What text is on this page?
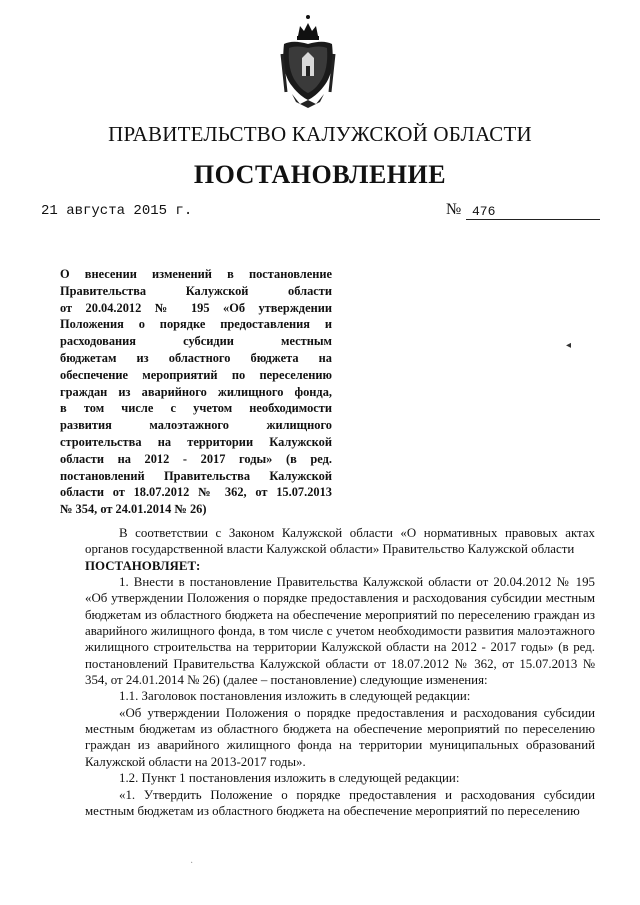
ПРАВИТЕЛЬСТВО КАЛУЖСКОЙ ОБЛАСТИ
ПОСТАНОВЛЕНИЕ
21 августа 2015 г.	№ 476
О внесении изменений в постановление
Правительства Калужской области
от 20.04.2012 № 195 «Об утверждении
Положения о порядке предоставления и
расходования субсидии местным
бюджетам из областного бюджета на
обеспечение мероприятий по переселению
граждан из аварийного жилищного фонда,
в том числе с учетом необходимости
развития малоэтажного жилищного
строительства на территории Калужской
области на 2012 - 2017 годы» (в ред.
постановлений Правительства Калужской
области от 18.07.2012 № 362, от 15.07.2013
№ 354, от 24.01.2014 № 26)

В соответствии с Законом Калужской области «О нормативных правовых актах органов государственной власти Калужской области» Правительство Калужской области

ПОСТАНОВЛЯЕТ:

1. Внести в постановление Правительства Калужской области от 20.04.2012 № 195 «Об утверждении Положения о порядке предоставления и расходования субсидии местным бюджетам из областного бюджета на обеспечение мероприятий по переселению граждан из аварийного жилищного фонда, в том числе с учетом необходимости развития малоэтажного жилищного строительства на территории Калужской области на 2012 - 2017 годы» (в ред. постановлений Правительства Калужской области от 18.07.2012 № 362, от 15.07.2013 № 354, от 24.01.2014 № 26) (далее – постановление) следующие изменения:

1.1. Заголовок постановления изложить в следующей редакции:

«Об утверждении Положения о порядке предоставления и расходования субсидии местным бюджетам из областного бюджета на обеспечение мероприятий по переселению граждан из аварийного жилищного фонда на территории муниципальных образований Калужской области на 2013-2017 годы».

1.2. Пункт 1 постановления изложить в следующей редакции:

«1. Утвердить Положение о порядке предоставления и расходования субсидии местным бюджетам из областного бюджета на обеспечение мероприятий по переселению

◂
·
